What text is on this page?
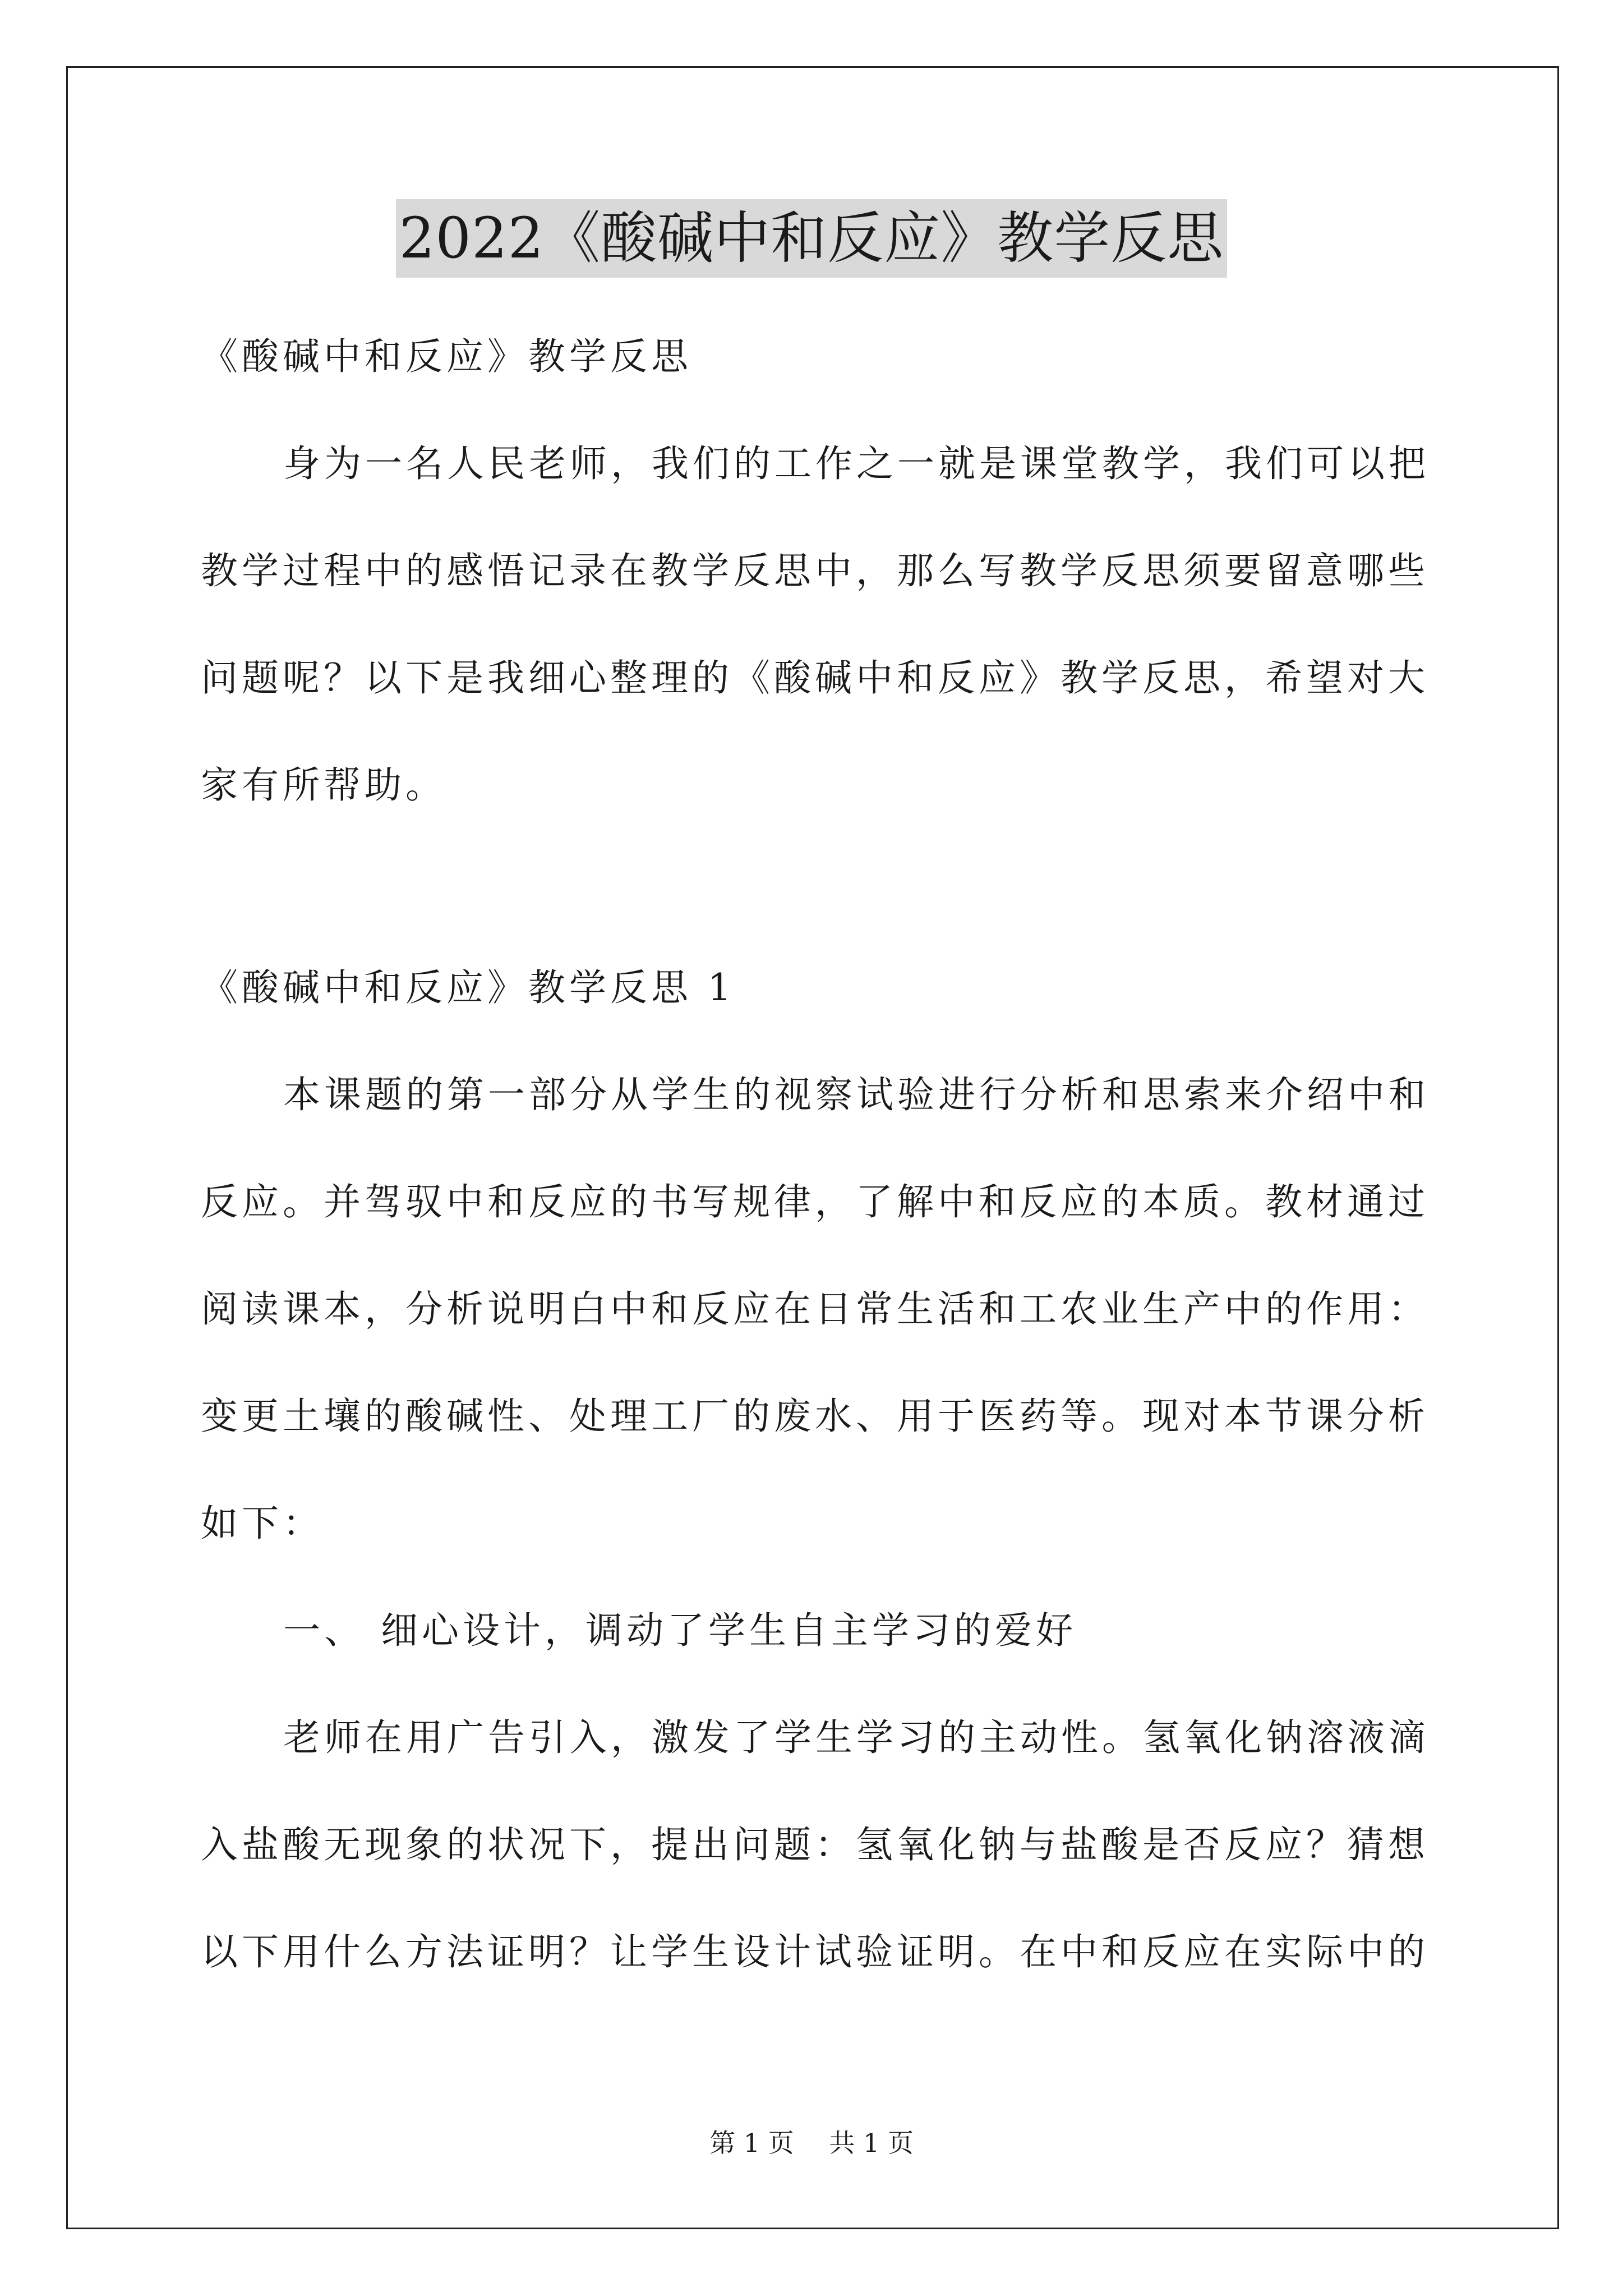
2022《酸碱中和反应》教学反思
《酸碱中和反应》教学反思
身为一名人民老师，我们的工作之一就是课堂教学，我们可以把
教学过程中的感悟记录在教学反思中，那么写教学反思须要留意哪些
问题呢？以下是我细心整理的《酸碱中和反应》教学反思，希望对大
家有所帮助。
《酸碱中和反应》教学反思 1
本课题的第一部分从学生的视察试验进行分析和思索来介绍中和
反应。并驾驭中和反应的书写规律，了解中和反应的本质。教材通过
阅读课本，分析说明白中和反应在日常生活和工农业生产中的作用：
变更土壤的酸碱性、处理工厂的废水、用于医药等。现对本节课分析
如下：
一、 细心设计，调动了学生自主学习的爱好
老师在用广告引入，激发了学生学习的主动性。氢氧化钠溶液滴
入盐酸无现象的状况下，提出问题：氢氧化钠与盐酸是否反应？猜想
以下用什么方法证明？让学生设计试验证明。在中和反应在实际中的
第 1 页 共 1 页
